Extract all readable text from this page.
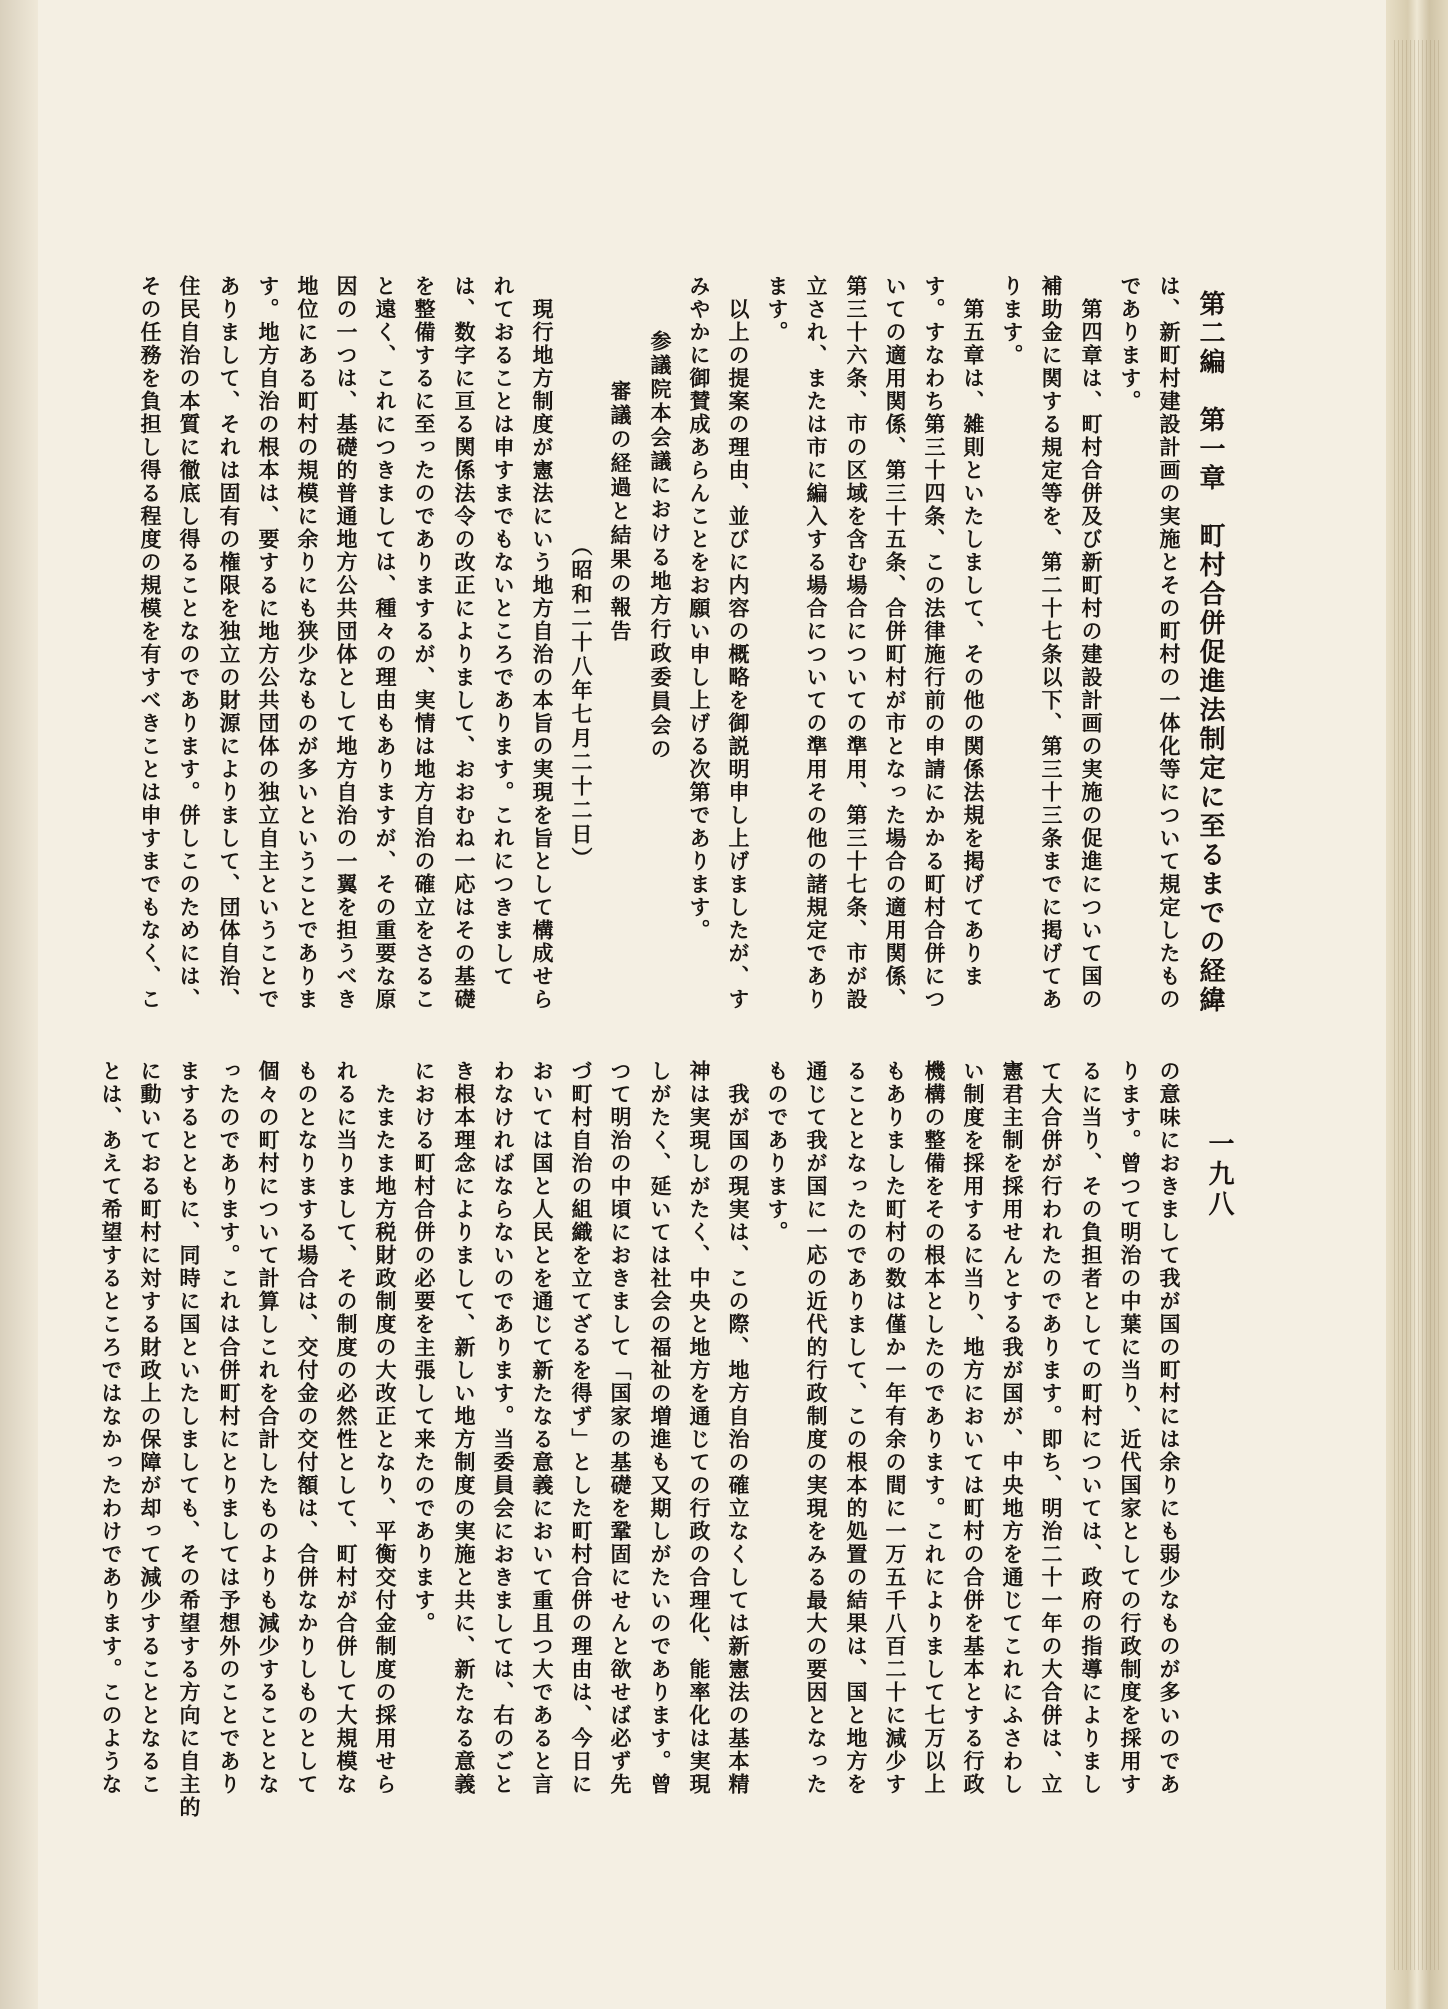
第二編　第一章　町村合併促進法制定に至るまでの経緯
一九八
は、新町村建設計画の実施とその町村の一体化等について規定したもの
であります。
第四章は、町村合併及び新町村の建設計画の実施の促進について国の
補助金に関する規定等を、第二十七条以下、第三十三条までに掲げてあ
ります。
第五章は、雑則といたしまして、その他の関係法規を掲げてありま
す。すなわち第三十四条、この法律施行前の申請にかかる町村合併につ
いての適用関係、第三十五条、合併町村が市となった場合の適用関係、
第三十六条、市の区域を含む場合についての準用、第三十七条、市が設
立され、または市に編入する場合についての準用その他の諸規定であり
ます。
以上の提案の理由、並びに内容の概略を御説明申し上げましたが、す
みやかに御賛成あらんことをお願い申し上げる次第であります。
参議院本会議における地方行政委員会の
審議の経過と結果の報告
（昭和二十八年七月二十二日）
現行地方制度が憲法にいう地方自治の本旨の実現を旨として構成せら
れておることは申すまでもないところであります。これにつきまして
は、数字に亘る関係法令の改正によりまして、おおむね一応はその基礎
を整備するに至ったのでありまするが、実情は地方自治の確立をさるこ
と遠く、これにつきましては、種々の理由もありますが、その重要な原
因の一つは、基礎的普通地方公共団体として地方自治の一翼を担うべき
地位にある町村の規模に余りにも狭少なものが多いということでありま
す。地方自治の根本は、要するに地方公共団体の独立自主ということで
ありまして、それは固有の権限を独立の財源によりまして、団体自治、
住民自治の本質に徹底し得ることなのであります。併しこのためには、
その任務を負担し得る程度の規模を有すべきことは申すまでもなく、こ
の意味におきまして我が国の町村には余りにも弱少なものが多いのであ
ります。曾つて明治の中葉に当り、近代国家としての行政制度を採用す
るに当り、その負担者としての町村については、政府の指導によりまし
て大合併が行われたのであります。即ち、明治二十一年の大合併は、立
憲君主制を採用せんとする我が国が、中央地方を通じてこれにふさわし
い制度を採用するに当り、地方においては町村の合併を基本とする行政
機構の整備をその根本としたのであります。これによりまして七万以上
もありました町村の数は僅か一年有余の間に一万五千八百二十に減少す
ることとなったのでありまして、この根本的処置の結果は、国と地方を
通じて我が国に一応の近代的行政制度の実現をみる最大の要因となった
ものであります。
我が国の現実は、この際、地方自治の確立なくしては新憲法の基本精
神は実現しがたく、中央と地方を通じての行政の合理化、能率化は実現
しがたく、延いては社会の福祉の増進も又期しがたいのであります。曾
つて明治の中頃におきまして「国家の基礎を鞏固にせんと欲せば必ず先
づ町村自治の組織を立てざるを得ず」とした町村合併の理由は、今日に
おいては国と人民とを通じて新たなる意義において重且つ大であると言
わなければならないのであります。当委員会におきましては、右のごと
き根本理念によりまして、新しい地方制度の実施と共に、新たなる意義
における町村合併の必要を主張して来たのであります。
たまたま地方税財政制度の大改正となり、平衡交付金制度の採用せら
れるに当りまして、その制度の必然性として、町村が合併して大規模な
ものとなりまする場合は、交付金の交付額は、合併なかりしものとして
個々の町村について計算しこれを合計したものよりも減少することとな
ったのであります。これは合併町村にとりましては予想外のことであり
まするとともに、同時に国といたしましても、その希望する方向に自主的
に動いておる町村に対する財政上の保障が却って減少することとなるこ
とは、あえて希望するところではなかったわけであります。このような
